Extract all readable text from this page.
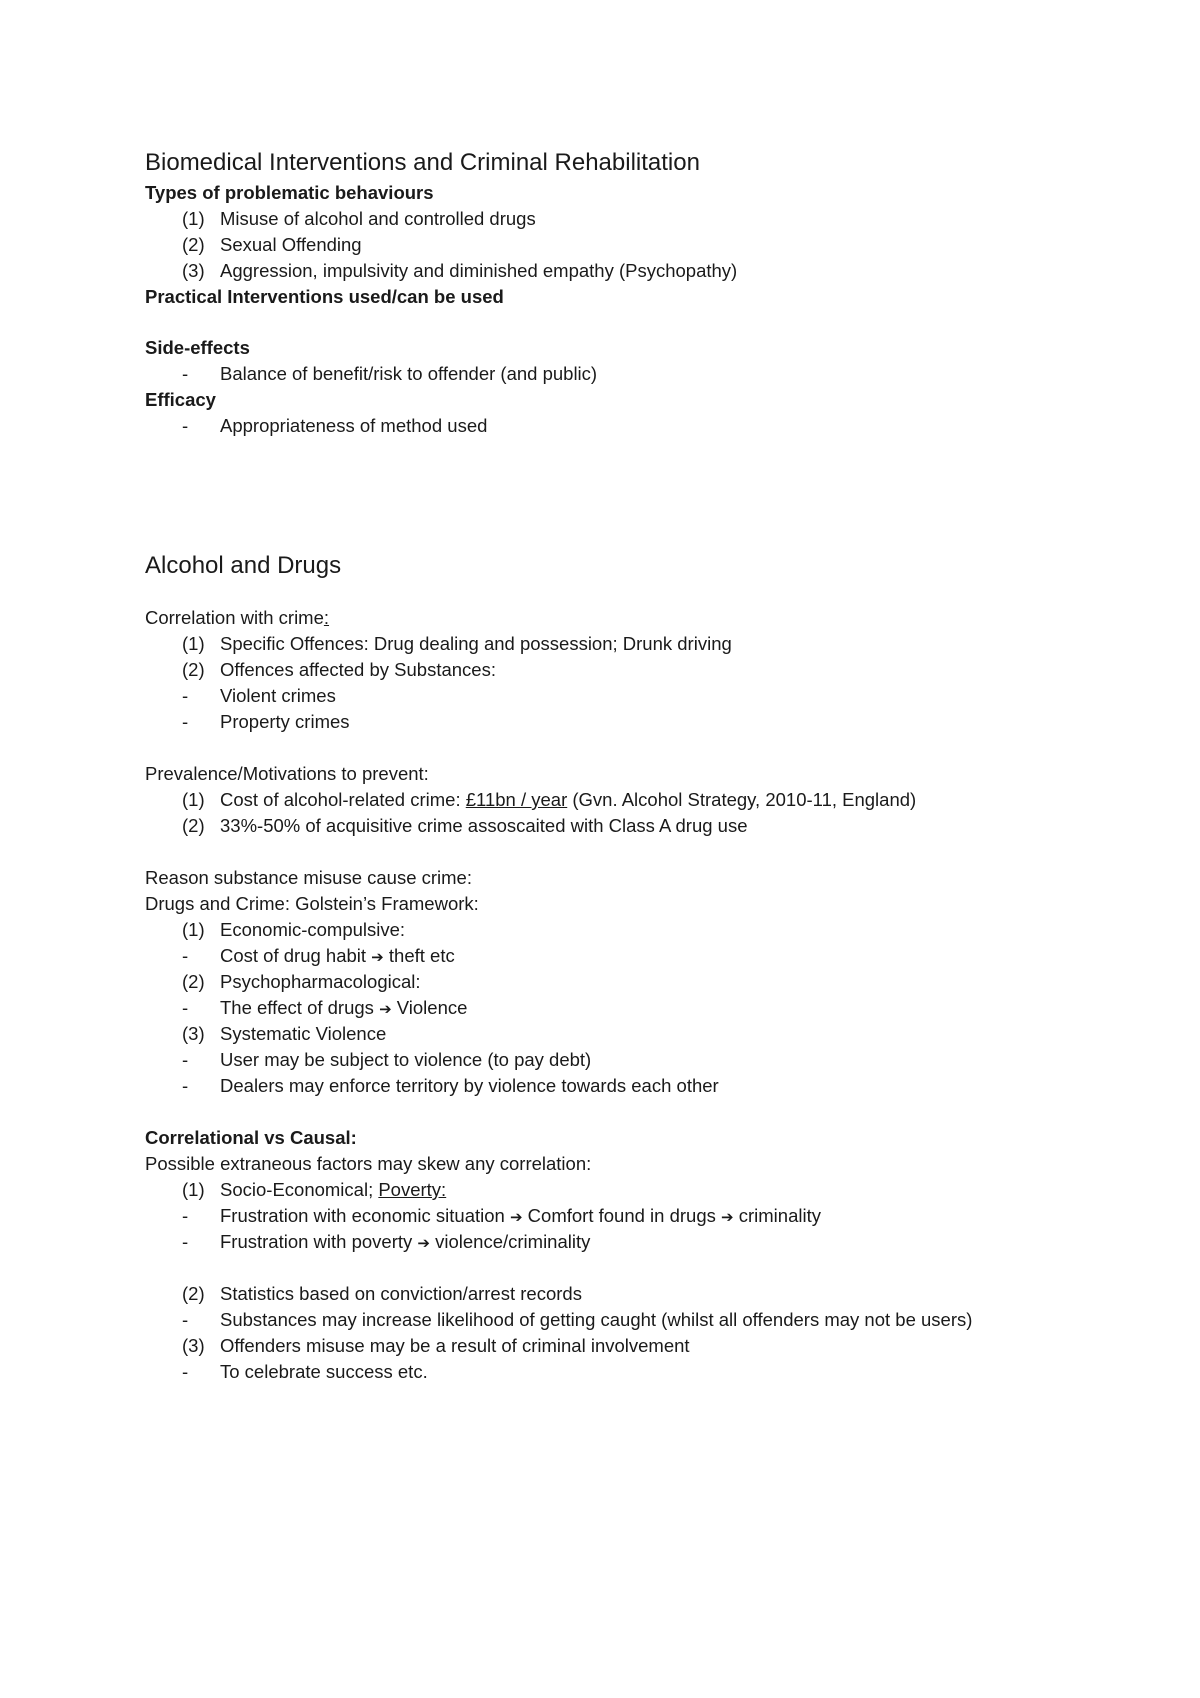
Biomedical Interventions and Criminal Rehabilitation
Types of problematic behaviours
(1) Misuse of alcohol and controlled drugs
(2) Sexual Offending
(3) Aggression, impulsivity and diminished empathy (Psychopathy)
Practical Interventions used/can be used
Side-effects
- Balance of benefit/risk to offender (and public)
Efficacy
- Appropriateness of method used
Alcohol and Drugs
Correlation with crime:
(1) Specific Offences: Drug dealing and possession; Drunk driving
(2) Offences affected by Substances:
- Violent crimes
- Property crimes
Prevalence/Motivations to prevent:
(1) Cost of alcohol-related crime: £11bn / year (Gvn. Alcohol Strategy, 2010-11, England)
(2) 33%-50% of acquisitive crime assoscaited with Class A drug use
Reason substance misuse cause crime:
Drugs and Crime: Golstein’s Framework:
(1) Economic-compulsive:
- Cost of drug habit ➔ theft etc
(2) Psychopharmacological:
- The effect of drugs ➔ Violence
(3) Systematic Violence
- User may be subject to violence (to pay debt)
- Dealers may enforce territory by violence towards each other
Correlational vs Causal:
Possible extraneous factors may skew any correlation:
(1) Socio-Economical; Poverty:
- Frustration with economic situation ➔ Comfort found in drugs ➔ criminality
- Frustration with poverty ➔ violence/criminality
(2) Statistics based on conviction/arrest records
- Substances may increase likelihood of getting caught (whilst all offenders may not be users)
(3) Offenders misuse may be a result of criminal involvement
- To celebrate success etc.
